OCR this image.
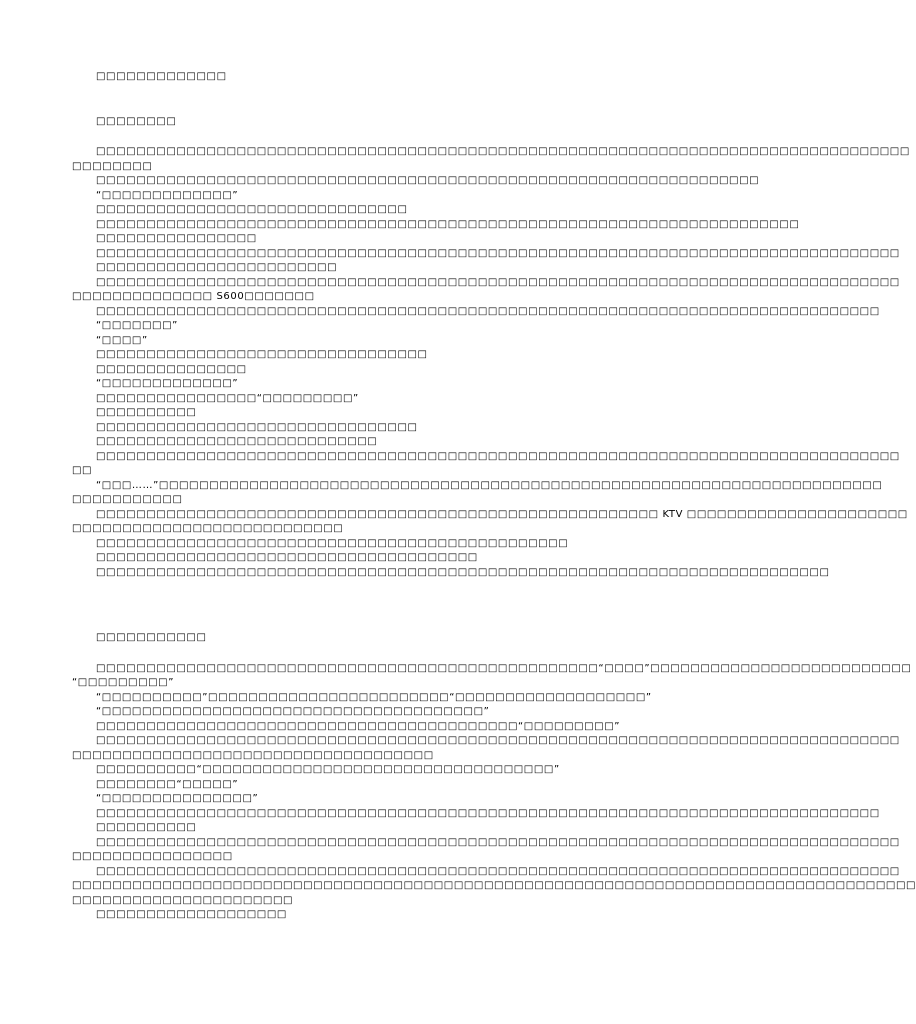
□□□□□□□□□□□□□
□□□□□□□□
□□□□□□□□□□□□□□□□□□□□□□□□□□□□□□□□□□□□□□□□□□□□□□□□□□□□□□□□□□□□□□□□□□□□□□□□□□□□□□□□□
□□□□□□□□
□□□□□□□□□□□□□□□□□□□□□□□□□□□□□□□□□□□□□□□□□□□□□□□□□□□□□□□□□□□□□□□□□□
“□□□□□□□□□□□□□”
□□□□□□□□□□□□□□□□□□□□□□□□□□□□□□□
□□□□□□□□□□□□□□□□□□□□□□□□□□□□□□□□□□□□□□□□□□□□□□□□□□□□□□□□□□□□□□□□□□□□□□
□□□□□□□□□□□□□□□□
□□□□□□□□□□□□□□□□□□□□□□□□□□□□□□□□□□□□□□□□□□□□□□□□□□□□□□□□□□□□□□□□□□□□□□□□□□□□□□□□
□□□□□□□□□□□□□□□□□□□□□□□□
□□□□□□□□□□□□□□□□□□□□□□□□□□□□□□□□□□□□□□□□□□□□□□□□□□□□□□□□□□□□□□□□□□□□□□□□□□□□□□□□
□□□□□□□□□□□□□□ S600□□□□□□□
□□□□□□□□□□□□□□□□□□□□□□□□□□□□□□□□□□□□□□□□□□□□□□□□□□□□□□□□□□□□□□□□□□□□□□□□□□□□□□
“□□□□□□□”
“□□□□”
□□□□□□□□□□□□□□□□□□□□□□□□□□□□□□□□□
□□□□□□□□□□□□□□□
“□□□□□□□□□□□□□”
□□□□□□□□□□□□□□□□“□□□□□□□□□”
□□□□□□□□□□
□□□□□□□□□□□□□□□□□□□□□□□□□□□□□□□□
□□□□□□□□□□□□□□□□□□□□□□□□□□□□
□□□□□□□□□□□□□□□□□□□□□□□□□□□□□□□□□□□□□□□□□□□□□□□□□□□□□□□□□□□□□□□□□□□□□□□□□□□□□□□□
□□
“□□□……”□□□□□□□□□□□□□□□□□□□□□□□□□□□□□□□□□□□□□□□□□□□□□□□□□□□□□□□□□□□□□□□□□□□□□□□□
□□□□□□□□□□□
□□□□□□□□□□□□□□□□□□□□□□□□□□□□□□□□□□□□□□□□□□□□□□□□□□□□□□□□ KTV □□□□□□□□□□□□□□□□□□□□□□
□□□□□□□□□□□□□□□□□□□□□□□□□□□
□□□□□□□□□□□□□□□□□□□□□□□□□□□□□□□□□□□□□□□□□□□□□□□
□□□□□□□□□□□□□□□□□□□□□□□□□□□□□□□□□□□□□□
□□□□□□□□□□□□□□□□□□□□□□□□□□□□□□□□□□□□□□□□□□□□□□□□□□□□□□□□□□□□□□□□□□□□□□□□□
□□□□□□□□□□□
□□□□□□□□□□□□□□□□□□□□□□□□□□□□□□□□□□□□□□□□□□□□□□□□□□“□□□□”□□□□□□□□□□□□□□□□□□□□□□□□□□
“□□□□□□□□□”
“□□□□□□□□□□”□□□□□□□□□□□□□□□□□□□□□□□□“□□□□□□□□□□□□□□□□□□□”
“□□□□□□□□□□□□□□□□□□□□□□□□□□□□□□□□□□□□□□”
□□□□□□□□□□□□□□□□□□□□□□□□□□□□□□□□□□□□□□□□□□“□□□□□□□□□”
□□□□□□□□□□□□□□□□□□□□□□□□□□□□□□□□□□□□□□□□□□□□□□□□□□□□□□□□□□□□□□□□□□□□□□□□□□□□□□□□
□□□□□□□□□□□□□□□□□□□□□□□□□□□□□□□□□□□□
□□□□□□□□□□“□□□□□□□□□□□□□□□□□□□□□□□□□□□□□□□□□□□”
□□□□□□□□“□□□□□”
“□□□□□□□□□□□□□□□”
□□□□□□□□□□□□□□□□□□□□□□□□□□□□□□□□□□□□□□□□□□□□□□□□□□□□□□□□□□□□□□□□□□□□□□□□□□□□□□
□□□□□□□□□□
□□□□□□□□□□□□□□□□□□□□□□□□□□□□□□□□□□□□□□□□□□□□□□□□□□□□□□□□□□□□□□□□□□□□□□□□□□□□□□□□
□□□□□□□□□□□□□□□□
□□□□□□□□□□□□□□□□□□□□□□□□□□□□□□□□□□□□□□□□□□□□□□□□□□□□□□□□□□□□□□□□□□□□□□□□□□□□□□□□
□□□□□□□□□□□□□□□□□□□□□□□□□□□□□□□□□□□□□□□□□□□□□□□□□□□□□□□□□□□□□□□□□□□□□□□□□□□□□□□□□□□□
□□□□□□□□□□□□□□□□□□□□□□
□□□□□□□□□□□□□□□□□□□
